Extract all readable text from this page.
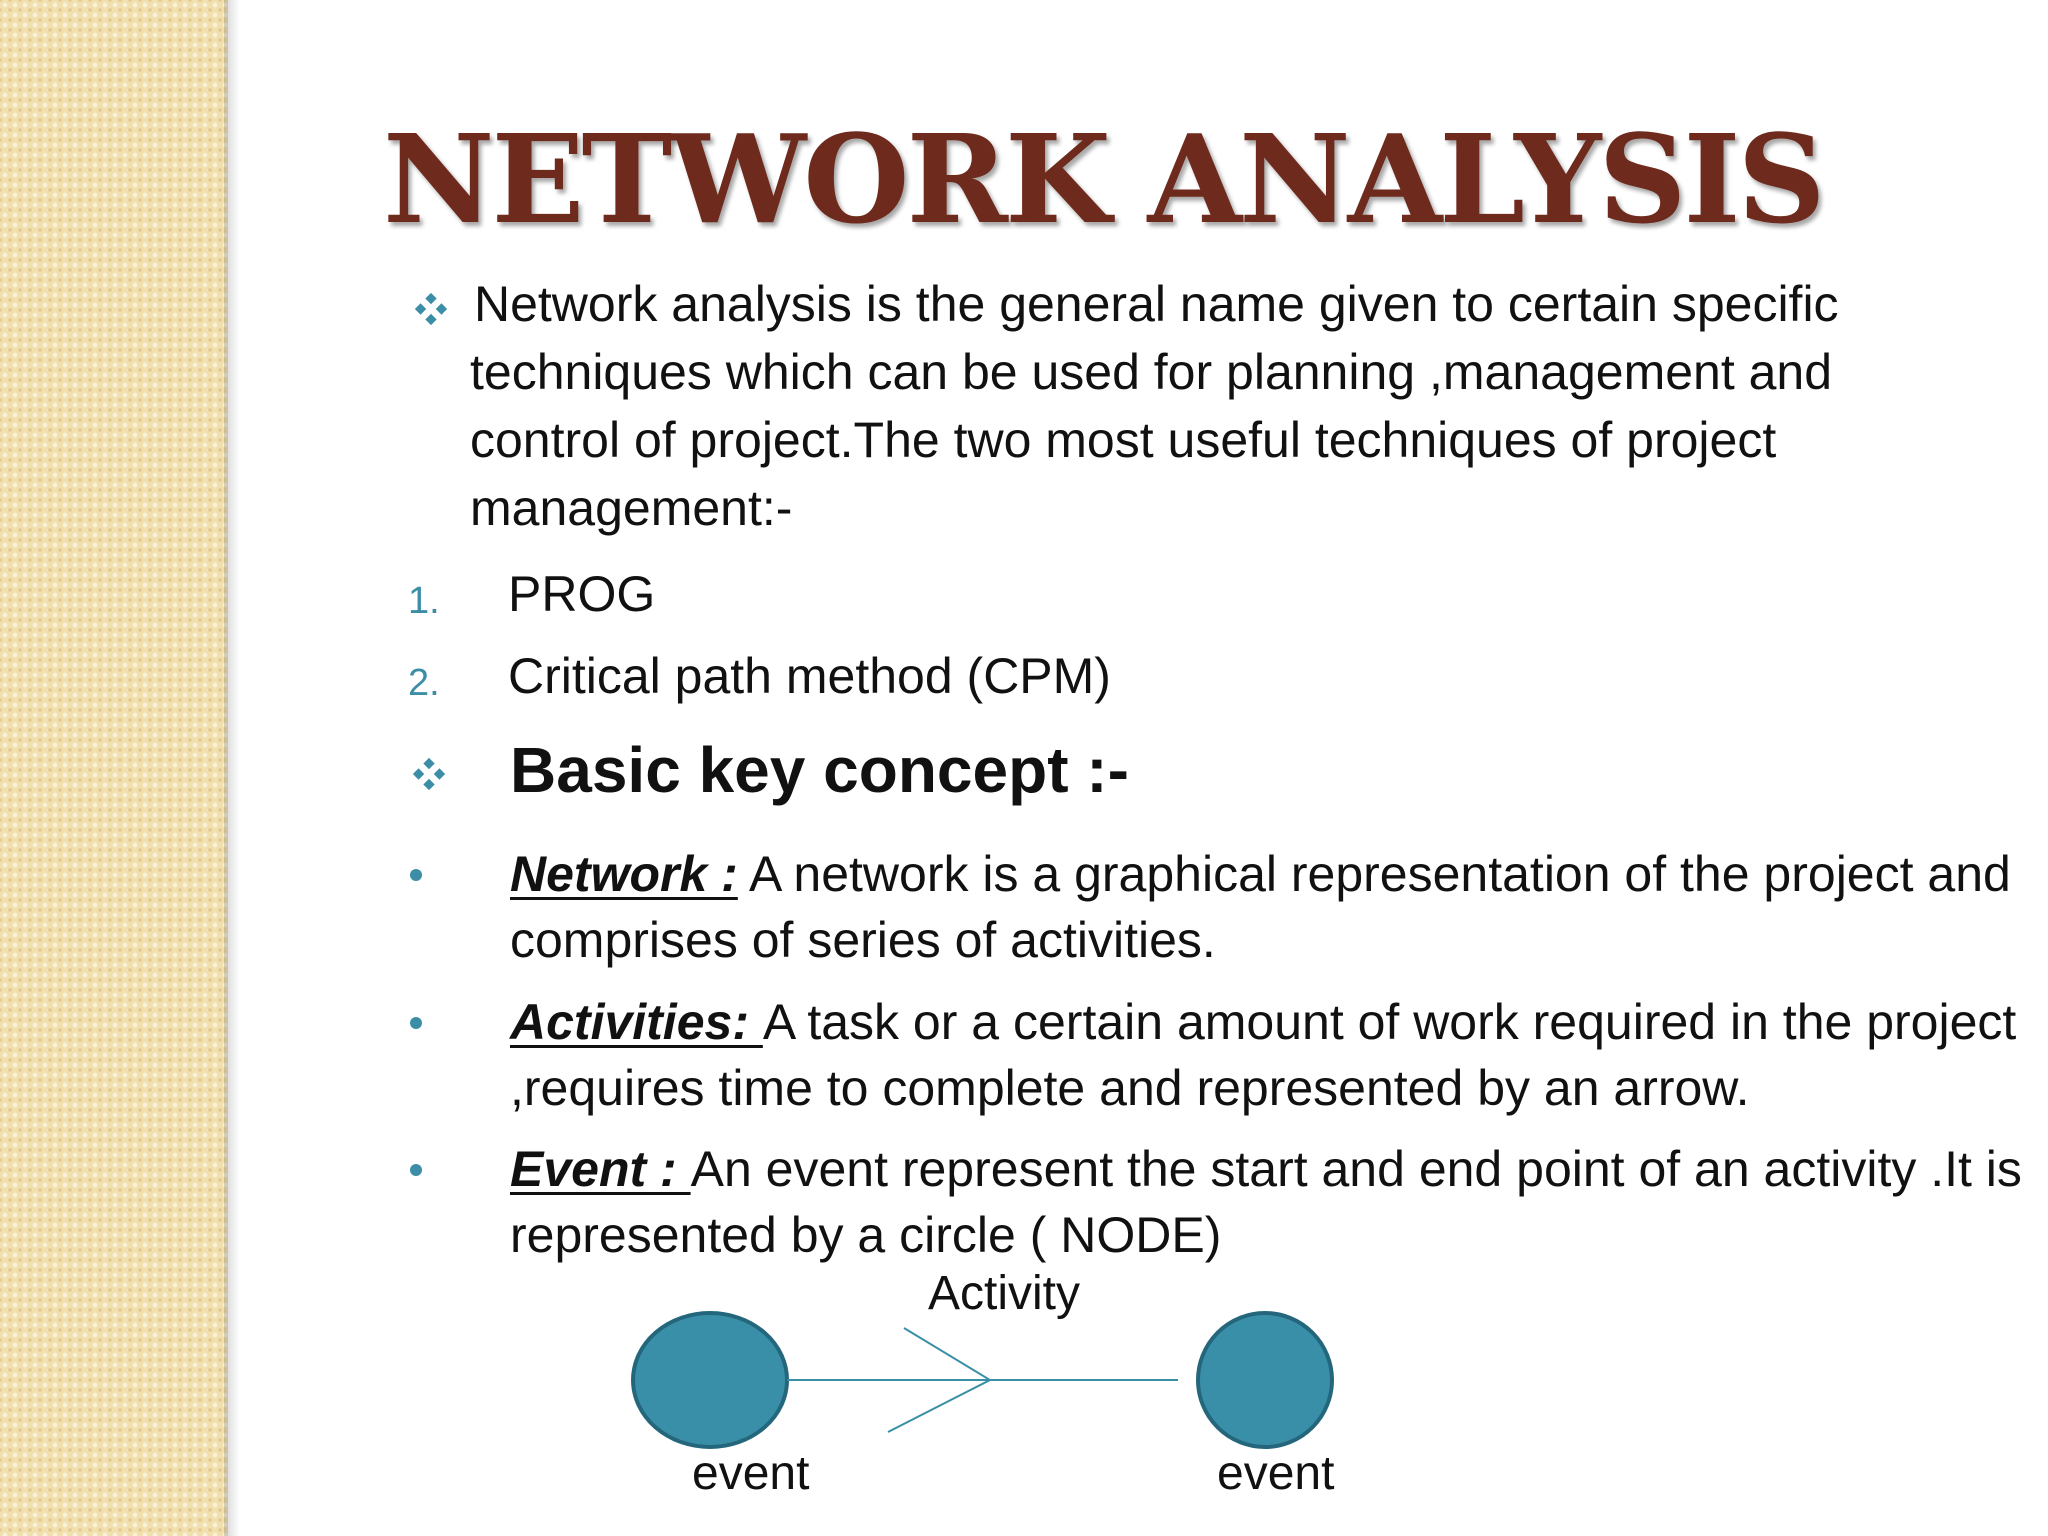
NETWORK ANALYSIS
Network analysis is the general name given to certain specific
techniques which can be used for planning ,management and
control of project.The two most useful techniques of project
management:-
1. PROG
2. Critical path method (CPM)
Basic key concept :-
Network : A network is a graphical representation of the project and
comprises of series of activities.
Activities: A task or a certain amount of work required in the project
,requires time to complete and represented by an arrow.
Event : An event represent the start and end point of an activity .It is
represented by a circle ( NODE)
Activity
event	event
